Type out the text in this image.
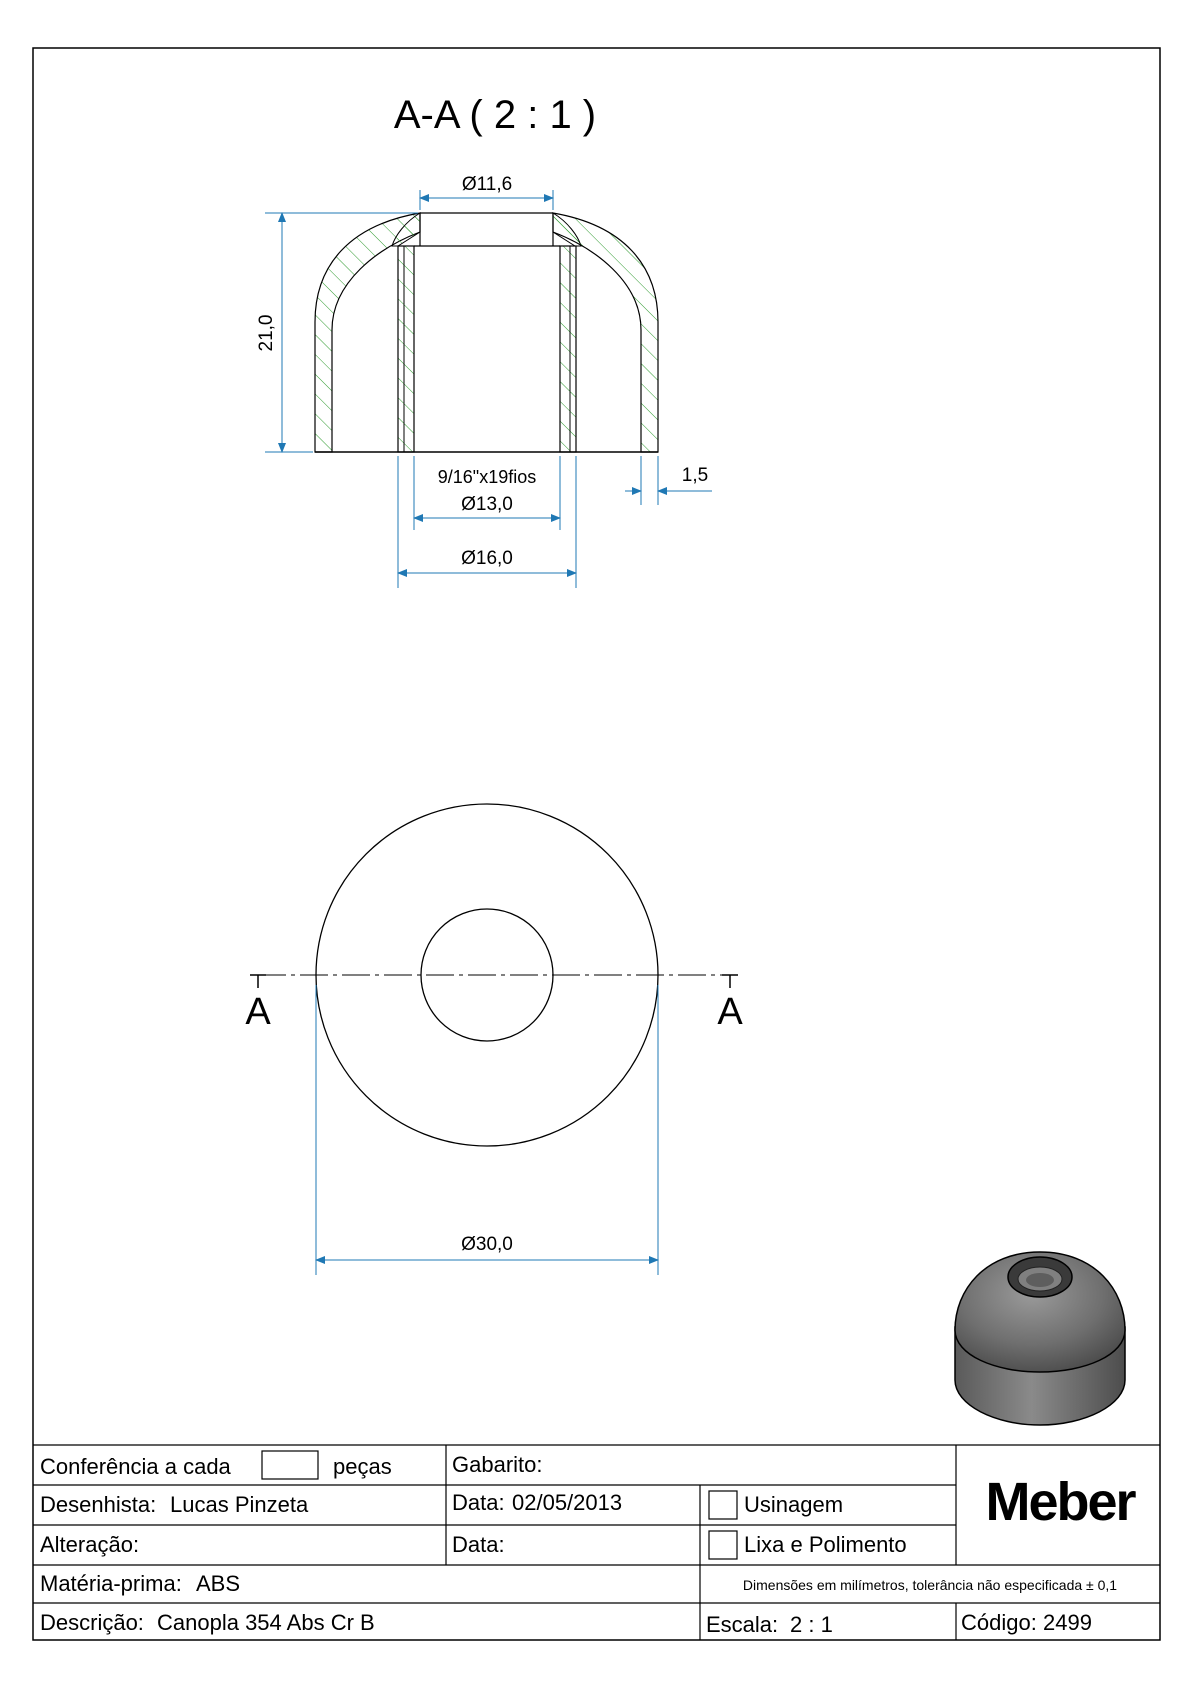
A-A ( 2 : 1 )
Ø11,6
21,0
9/16"x19fios
Ø13,0
Ø16,0
1,5
A	A
Ø30,0
Conferência a cada	peças	Gabarito:
Desenhista: Lucas Pinzeta	Data: 02/05/2013	Usinagem
Alteração:	Data:	Lixa e Polimento
Matéria-prima: ABS
Descrição: Canopla 354 Abs Cr B	Escala: 2 : 1	Código: 2499
Dimensões em milímetros, tolerância não especificada ± 0,1
Meber
